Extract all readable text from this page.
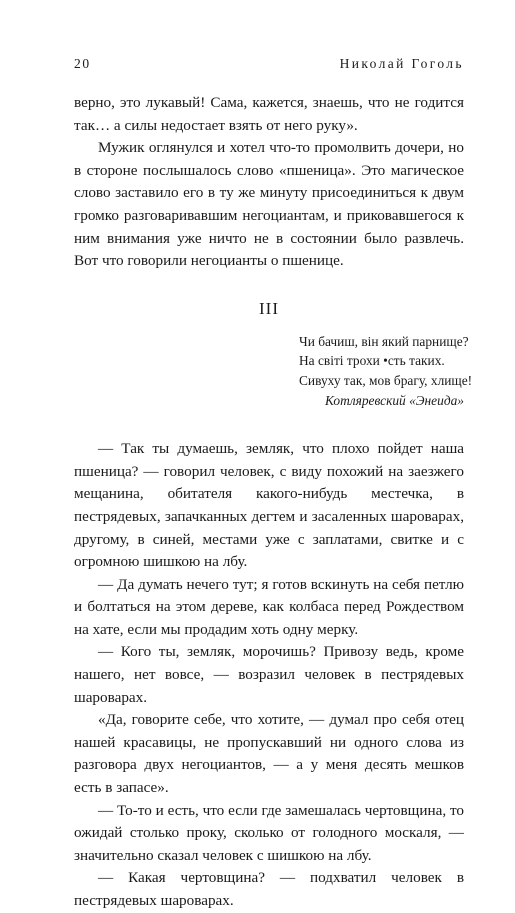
20	Николай Гоголь

верно, это лукавый! Сама, кажется, знаешь, что не годится так… а силы недостает взять от него руку».

Мужик оглянулся и хотел что-то промолвить дочери, но в стороне послышалось слово «пшеница». Это магическое слово заставило его в ту же минуту присоединиться к двум громко разговаривавшим негоциантам, и приковавшегося к ним внимания уже ничто не в состоянии было развлечь. Вот что говорили негоцианты о пшенице.

III
Чи бачиш, він який парнище?
На світі трохи •сть таких.
Сивуху так, мов брагу, хлище!
Котляревский «Энеида»

— Так ты думаешь, земляк, что плохо пойдет наша пшеница? — говорил человек, с виду похожий на заезжего мещанина, обитателя какого-нибудь местечка, в пестрядевых, запачканных дегтем и засаленных шароварах, другому, в синей, местами уже с заплатами, свитке и с огромною шишкою на лбу.

— Да думать нечего тут; я готов вскинуть на себя петлю и болтаться на этом дереве, как колбаса перед Рождеством на хате, если мы продадим хоть одну мерку.

— Кого ты, земляк, морочишь? Привозу ведь, кроме нашего, нет вовсе, — возразил человек в пестрядевых шароварах.

«Да, говорите себе, что хотите, — думал про себя отец нашей красавицы, не пропускавший ни одного слова из разговора двух негоциантов, — а у меня десять мешков есть в запасе».

— То-то и есть, что если где замешалась чертовщина, то ожидай столько проку, сколько от голодного москаля, — значительно сказал человек с шишкою на лбу.

— Какая чертовщина? — подхватил человек в пестрядевых шароварах.
